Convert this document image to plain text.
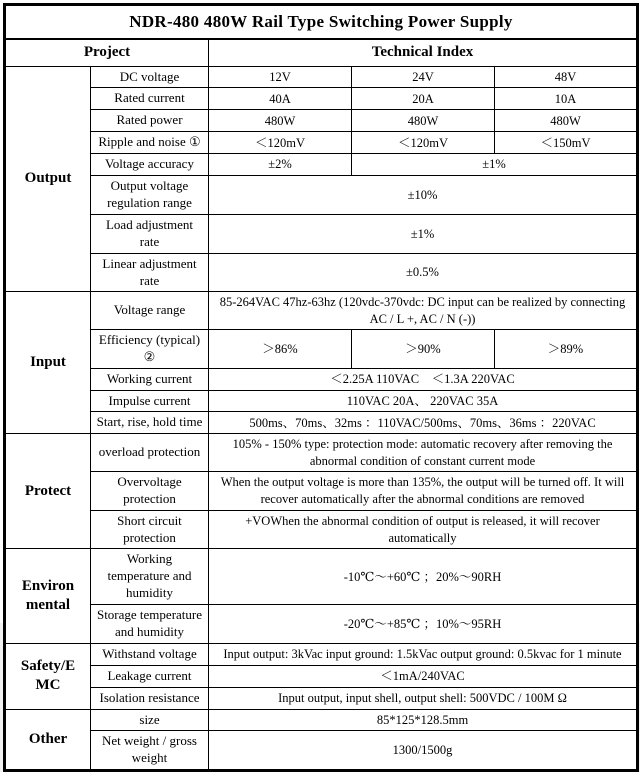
NDR-480 480W Rail Type Switching Power Supply				
Project		Technical Index		
Output	DC voltage	12V	24V	48V
	Rated current	40A	20A	10A
	Rated power	480W	480W	480W
	Ripple and noise ①	＜120mV	＜120mV	＜150mV
	Voltage accuracy	±2%	±1%	
	Output voltage regulation range	±10%		
	Load adjustment rate	±1%		
	Linear adjustment rate	±0.5%		
Input	Voltage range	85-264VAC 47hz-63hz (120vdc-370vdc: DC input can be realized by connecting AC / L +, AC / N (-))		
	Efficiency (typical) ②	＞86%	＞90%	＞89%
	Working current	＜2.25A 110VAC　＜1.3A 220VAC		
	Impulse current	110VAC 20A、 220VAC 35A		
	Start, rise, hold time	500ms、70ms、32ms ：110VAC/500ms、70ms、36ms ：220VAC		
Protect	overload protection	105% - 150% type: protection mode: automatic recovery after removing the abnormal condition of constant current mode		
	Overvoltage protection	When the output voltage is more than 135%, the output will be turned off. It will recover automatically after the abnormal conditions are removed		
	Short circuit protection	+VOWhen the abnormal condition of output is released, it will recover automatically		
Environ mental	Working temperature and humidity	-10℃～+60℃ ；20%～90RH		
	Storage temperature and humidity	-20℃～+85℃ ；10%～95RH		
Safety/E MC	Withstand voltage	Input output: 3kVac input ground: 1.5kVac output ground: 0.5kvac for 1 minute		
	Leakage current	＜1mA/240VAC		
	Isolation resistance	Input output, input shell, output shell: 500VDC / 100M Ω		
Other	size	85*125*128.5mm		
	Net weight / gross weight	1300/1500g		
